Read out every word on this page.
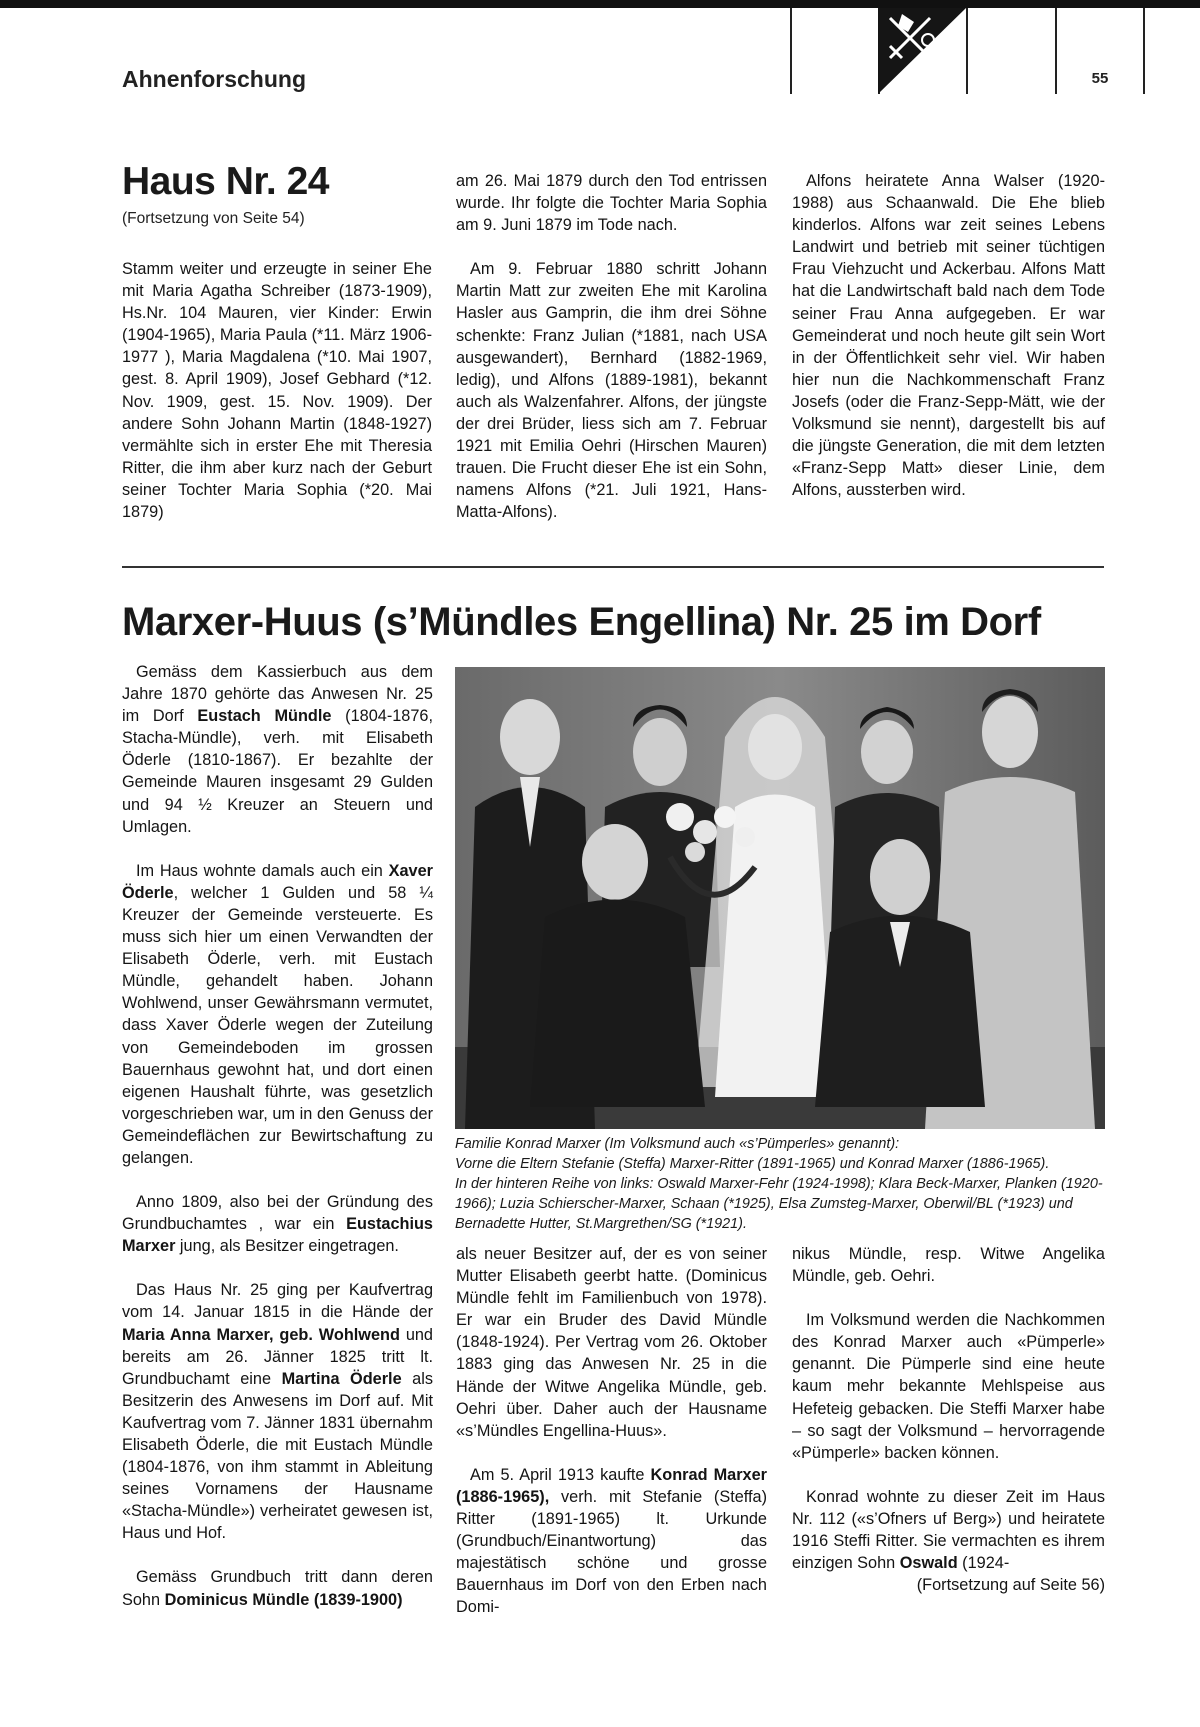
Ahnenforschung	55
Haus Nr. 24
(Fortsetzung von Seite 54)

Stamm weiter und erzeugte in seiner Ehe mit Maria Agatha Schreiber (1873-1909), Hs.Nr. 104 Mauren, vier Kinder: Erwin (1904-1965), Maria Paula (*11. März 1906-1977 ), Maria Magdalena (*10. Mai 1907, gest. 8. April 1909), Josef Gebhard (*12. Nov. 1909, gest. 15. Nov. 1909). Der andere Sohn Johann Martin (1848-1927) vermählte sich in erster Ehe mit Theresia Ritter, die ihm aber kurz nach der Geburt seiner Tochter Maria Sophia (*20. Mai 1879)

am 26. Mai 1879 durch den Tod entrissen wurde. Ihr folgte die Tochter Maria Sophia am 9. Juni 1879 im Tode nach.

Am 9. Februar 1880 schritt Johann Martin Matt zur zweiten Ehe mit Karolina Hasler aus Gamprin, die ihm drei Söhne schenkte: Franz Julian (*1881, nach USA ausgewandert), Bernhard (1882-1969, ledig), und Alfons (1889-1981), bekannt auch als Walzenfahrer. Alfons, der jüngste der drei Brüder, liess sich am 7. Februar 1921 mit Emilia Oehri (Hirschen Mauren) trauen. Die Frucht dieser Ehe ist ein Sohn, namens Alfons (*21. Juli 1921, Hans-Matta-Alfons).

Alfons heiratete Anna Walser (1920-1988) aus Schaanwald. Die Ehe blieb kinderlos. Alfons war zeit seines Lebens Landwirt und betrieb mit seiner tüchtigen Frau Viehzucht und Ackerbau. Alfons Matt hat die Landwirtschaft bald nach dem Tode seiner Frau Anna aufgegeben. Er war Gemeinderat und noch heute gilt sein Wort in der Öffentlichkeit sehr viel. Wir haben hier nun die Nachkommenschaft Franz Josefs (oder die Franz-Sepp-Mätt, wie der Volksmund sie nennt), dargestellt bis auf die jüngste Generation, die mit dem letzten «Franz-Sepp Matt» dieser Linie, dem Alfons, aussterben wird.

Marxer-Huus (s’Mündles Engellina) Nr. 25 im Dorf

Gemäss dem Kassierbuch aus dem Jahre 1870 gehörte das Anwesen Nr. 25 im Dorf Eustach Mündle (1804-1876, Stacha-Mündle), verh. mit Elisabeth Öderle (1810-1867). Er bezahlte der Gemeinde Mauren insgesamt 29 Gulden und 94 ½ Kreuzer an Steuern und Umlagen.

Im Haus wohnte damals auch ein Xaver Öderle, welcher 1 Gulden und 58 ¼ Kreuzer der Gemeinde versteuerte. Es muss sich hier um einen Verwandten der Elisabeth Öderle, verh. mit Eustach Mündle, gehandelt haben. Johann Wohlwend, unser Gewährsmann vermutet, dass Xaver Öderle wegen der Zuteilung von Gemeindeboden im grossen Bauernhaus gewohnt hat, und dort einen eigenen Haushalt führte, was gesetzlich vorgeschrieben war, um in den Genuss der Gemeindeflächen zur Bewirtschaftung zu gelangen.

Anno 1809, also bei der Gründung des Grundbuchamtes , war ein Eustachius Marxer jung, als Besitzer eingetragen.

Das Haus Nr. 25 ging per Kaufvertrag vom 14. Januar 1815 in die Hände der Maria Anna Marxer, geb. Wohlwend und bereits am 26. Jänner 1825 tritt lt. Grundbuchamt eine Martina Öderle als Besitzerin des Anwesens im Dorf auf. Mit Kaufvertrag vom 7. Jänner 1831 übernahm Elisabeth Öderle, die mit Eustach Mündle (1804-1876, von ihm stammt in Ableitung seines Vornamens der Hausname «Stacha-Mündle») verheiratet gewesen ist, Haus und Hof.

Gemäss Grundbuch tritt dann deren Sohn Dominicus Mündle (1839-1900)

Familie Konrad Marxer (Im Volksmund auch «s’Pümperles» genannt):

Vorne die Eltern Stefanie (Steffa) Marxer-Ritter (1891-1965) und Konrad Marxer (1886-1965).

In der hinteren Reihe von links: Oswald Marxer-Fehr (1924-1998); Klara Beck-Marxer, Planken (1920-1966); Luzia Schierscher-Marxer, Schaan (*1925), Elsa Zumsteg-Marxer, Oberwil/BL (*1923) und Bernadette Hutter, St.Margrethen/SG (*1921).

als neuer Besitzer auf, der es von seiner Mutter Elisabeth geerbt hatte. (Dominicus Mündle fehlt im Familienbuch von 1978). Er war ein Bruder des David Mündle (1848-1924). Per Vertrag vom 26. Oktober 1883 ging das Anwesen Nr. 25 in die Hände der Witwe Angelika Mündle, geb. Oehri über. Daher auch der Hausname «s’Mündles Engellina-Huus».

Am 5. April 1913 kaufte Konrad Marxer (1886-1965), verh. mit Stefanie (Steffa) Ritter (1891-1965) lt. Urkunde (Grundbuch/Einantwortung) das majestätisch schöne und grosse Bauernhaus im Dorf von den Erben nach Domi-

nikus Mündle, resp. Witwe Angelika Mündle, geb. Oehri.

Im Volksmund werden die Nachkommen des Konrad Marxer auch «Pümperle» genannt. Die Pümperle sind eine heute kaum mehr bekannte Mehlspeise aus Hefeteig gebacken. Die Steffi Marxer habe – so sagt der Volksmund – hervorragende «Pümperle» backen können.

Konrad wohnte zu dieser Zeit im Haus Nr. 112 («s’Ofners uf Berg») und heiratete 1916 Steffi Ritter. Sie vermachten es ihrem einzigen Sohn Oswald (1924-

(Fortsetzung auf Seite 56)
